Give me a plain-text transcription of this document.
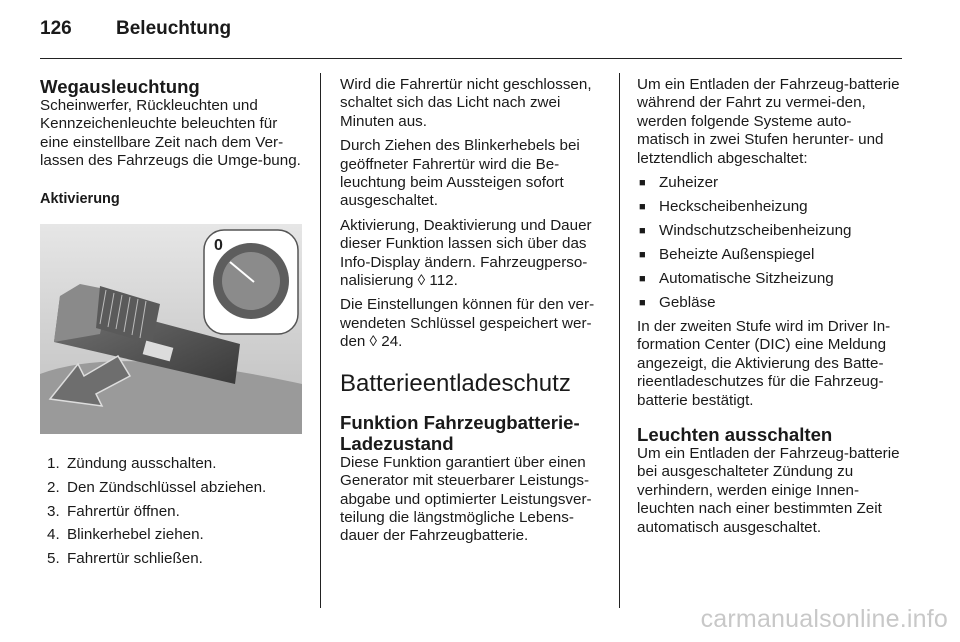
126 Beleuchtung

Wegausleuchtung

Scheinwerfer, Rückleuchten und Kennzeichenleuchte beleuchten für eine einstellbare Zeit nach dem Ver-lassen des Fahrzeugs die Umge-bung.

Aktivierung

0
1. Zündung ausschalten.
2. Den Zündschlüssel abziehen.
3. Fahrertür öffnen.
4. Blinkerhebel ziehen.
5. Fahrertür schließen.

Wird die Fahrertür nicht geschlossen, schaltet sich das Licht nach zwei Minuten aus.

Durch Ziehen des Blinkerhebels bei geöffneter Fahrertür wird die Be-leuchtung beim Aussteigen sofort ausgeschaltet.

Aktivierung, Deaktivierung und Dauer dieser Funktion lassen sich über das Info-Display ändern. Fahrzeugperso-nalisierung ◊ 112.

Die Einstellungen können für den ver-wendeten Schlüssel gespeichert wer-den ◊ 24.

Batterieentladeschutz

Funktion Fahrzeugbatterie-Ladezustand

Diese Funktion garantiert über einen Generator mit steuerbarer Leistungs-abgabe und optimierter Leistungsver-teilung die längstmögliche Lebens-dauer der Fahrzeugbatterie.

Um ein Entladen der Fahrzeug-batterie während der Fahrt zu vermei-den, werden folgende Systeme auto-matisch in zwei Stufen herunter- und letztendlich abgeschaltet:

■ Zuheizer
■ Heckscheibenheizung
■ Windschutzscheibenheizung
■ Beheizte Außenspiegel
■ Automatische Sitzheizung
■ Gebläse

In der zweiten Stufe wird im Driver In-formation Center (DIC) eine Meldung angezeigt, die Aktivierung des Batte-rieentladeschutzes für die Fahrzeug-batterie bestätigt.

Leuchten ausschalten

Um ein Entladen der Fahrzeug-batterie bei ausgeschalteter Zündung zu verhindern, werden einige Innen-leuchten nach einer bestimmten Zeit automatisch ausgeschaltet.

carmanualsonline.info
